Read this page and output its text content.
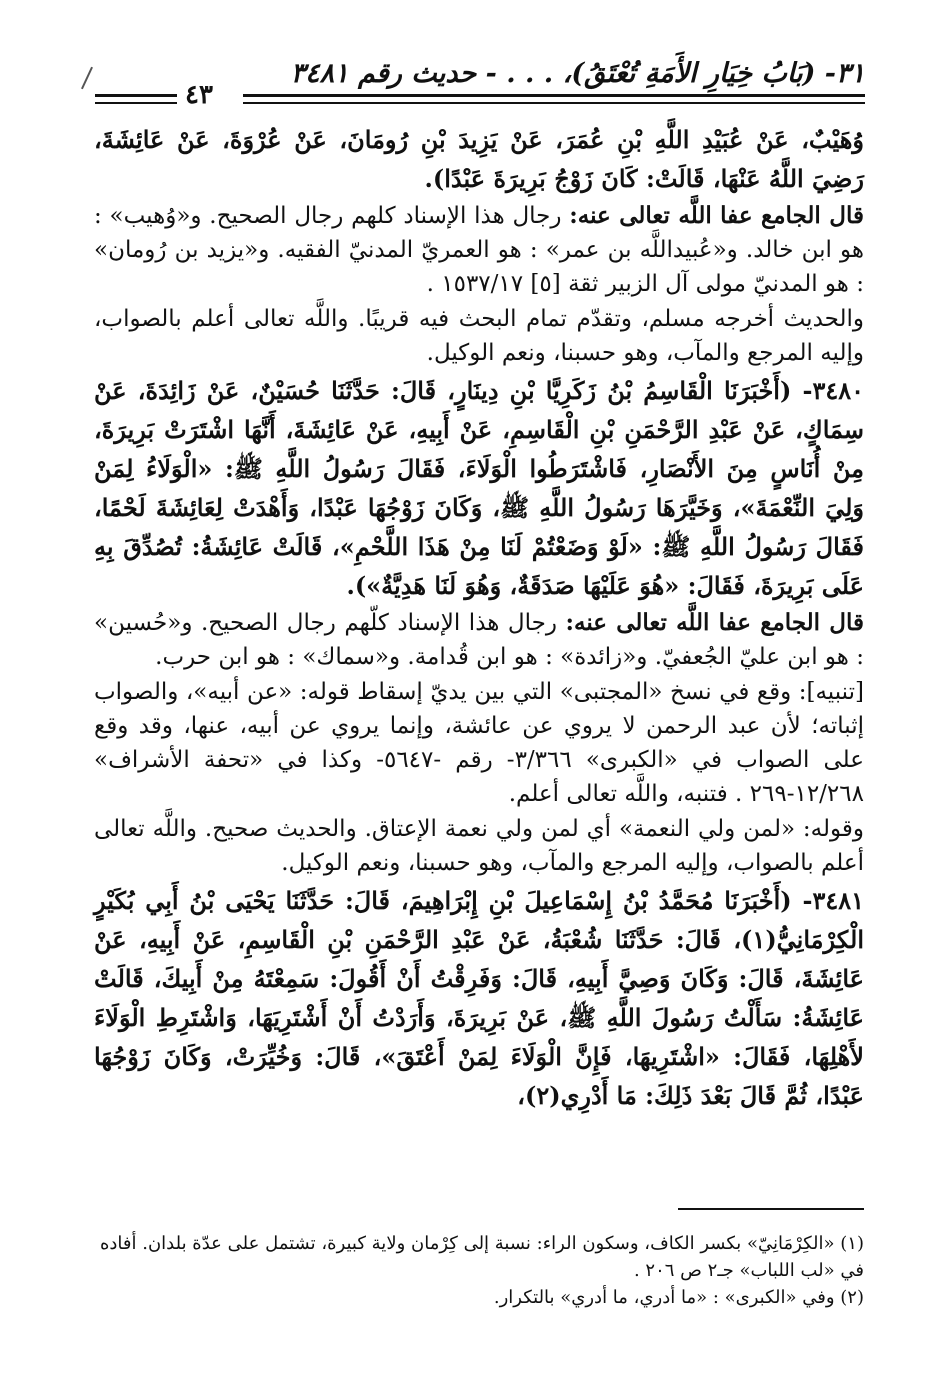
٣١- (بَابُ خِيَارِ الأَمَةِ تُعْتَقُ)، . . . - حديث رقم ٣٤٨١
٤٣

وُهَيْبٌ، عَنْ عُبَيْدِ اللَّهِ بْنِ عُمَرَ، عَنْ يَزِيدَ بْنِ رُومَانَ، عَنْ عُرْوَةَ، عَنْ عَائِشَةَ، رَضِيَ اللَّهُ عَنْهَا، قَالَتْ: كَانَ زَوْجُ بَرِيرَةَ عَبْدًا).

قال الجامع عفا اللَّه تعالى عنه: رجال هذا الإسناد كلهم رجال الصحيح. و«وُهيب» : هو ابن خالد. و«عُبيداللَّه بن عمر» : هو العمريّ المدنيّ الفقيه. و«يزيد بن رُومان» : هو المدنيّ مولى آل الزبير ثقة [٥] ١٥٣٧/١٧ .

والحديث أخرجه مسلم، وتقدّم تمام البحث فيه قريبًا. واللَّه تعالى أعلم بالصواب، وإليه المرجع والمآب، وهو حسبنا، ونعم الوكيل.

٣٤٨٠- (أَخْبَرَنَا الْقَاسِمُ بْنُ زَكَرِيَّا بْنِ دِينَارٍ، قَالَ: حَدَّثَنَا حُسَيْنٌ، عَنْ زَائِدَةَ، عَنْ سِمَاكٍ، عَنْ عَبْدِ الرَّحْمَنِ بْنِ الْقَاسِمِ، عَنْ أَبِيهِ، عَنْ عَائِشَةَ، أَنَّهَا اشْتَرَتْ بَرِيرَةَ، مِنْ أُنَاسٍ مِنَ الأَنْصَارِ، فَاشْتَرَطُوا الْوَلَاءَ، فَقَالَ رَسُولُ اللَّهِ ﷺ: «الْوَلَاءُ لِمَنْ وَلِيَ النِّعْمَةَ»، وَخَيَّرَهَا رَسُولُ اللَّهِ ﷺ، وَكَانَ زَوْجُهَا عَبْدًا، وَأَهْدَتْ لِعَائِشَةَ لَحْمًا، فَقَالَ رَسُولُ اللَّهِ ﷺ: «لَوْ وَضَعْتُمْ لَنَا مِنْ هَذَا اللَّحْمِ»، قَالَتْ عَائِشَةُ: تُصُدِّقَ بِهِ عَلَى بَرِيرَةَ، فَقَالَ: «هُوَ عَلَيْهَا صَدَقَةٌ، وَهُوَ لَنَا هَدِيَّةٌ»).

قال الجامع عفا اللَّه تعالى عنه: رجال هذا الإسناد كلّهم رجال الصحيح. و«حُسين» : هو ابن عليّ الجُعفيّ. و«زائدة» : هو ابن قُدامة. و«سماك» : هو ابن حرب.

[تنبيه]: وقع في نسخ «المجتبى» التي بين يديّ إسقاط قوله: «عن أبيه»، والصواب إثباته؛ لأن عبد الرحمن لا يروي عن عائشة، وإنما يروي عن أبيه، عنها، وقد وقع على الصواب في «الكبرى» ٣/٣٦٦- رقم -٥٦٤٧- وكذا في «تحفة الأشراف» ١٢/٢٦٨-٢٦٩ . فتنبه، واللَّه تعالى أعلم.

وقوله: «لمن ولي النعمة» أي لمن ولي نعمة الإعتاق. والحديث صحيح. واللَّه تعالى أعلم بالصواب، وإليه المرجع والمآب، وهو حسبنا، ونعم الوكيل.

٣٤٨١- (أَخْبَرَنَا مُحَمَّدُ بْنُ إِسْمَاعِيلَ بْنِ إِبْرَاهِيمَ، قَالَ: حَدَّثَنَا يَحْيَى بْنُ أَبِي بُكَيْرٍ الْكِرْمَانِيُّ(١)، قَالَ: حَدَّثَنَا شُعْبَةُ، عَنْ عَبْدِ الرَّحْمَنِ بْنِ الْقَاسِمِ، عَنْ أَبِيهِ، عَنْ عَائِشَةَ، قَالَ: وَكَانَ وَصِيَّ أَبِيهِ، قَالَ: وَفَرِقْتُ أَنْ أَقُولَ: سَمِعْتَهُ مِنْ أَبِيكَ، قَالَتْ عَائِشَةُ: سَأَلْتُ رَسُولَ اللَّهِ ﷺ، عَنْ بَرِيرَةَ، وَأَرَدْتُ أَنْ أَشْتَرِيَهَا، وَاشْتَرِطِ الْوَلَاءَ لأَهْلِهَا، فَقَالَ: «اشْتَرِيهَا، فَإِنَّ الْوَلَاءَ لِمَنْ أَعْتَقَ»، قَالَ: وَخُيِّرَتْ، وَكَانَ زَوْجُهَا عَبْدًا، ثُمَّ قَالَ بَعْدَ ذَلِكَ: مَا أَدْرِي(٢)،

(١) «الكِرْمَانِيّ» بكسر الكاف، وسكون الراء: نسبة إلى كِرْمان ولاية كبيرة، تشتمل على عدّة بلدان. أفاده في «لب اللباب» جـ٢ ص ٢٠٦ .

(٢) وفي «الكبرى» : «ما أدري، ما أدري» بالتكرار.
